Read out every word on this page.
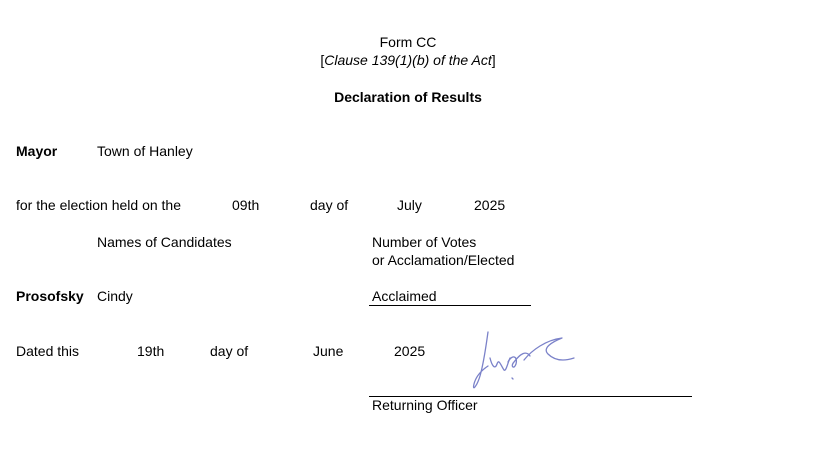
Form CC
[Clause 139(1)(b) of the Act]
Declaration of Results
Mayor	Town of Hanley
for the election held on the	09th	day of	July	2025
Names of Candidates	Number of Votes
or Acclamation/Elected
Prosofsky Cindy	Acclaimed
Dated this	19th	day of	June	2025
Returning Officer
